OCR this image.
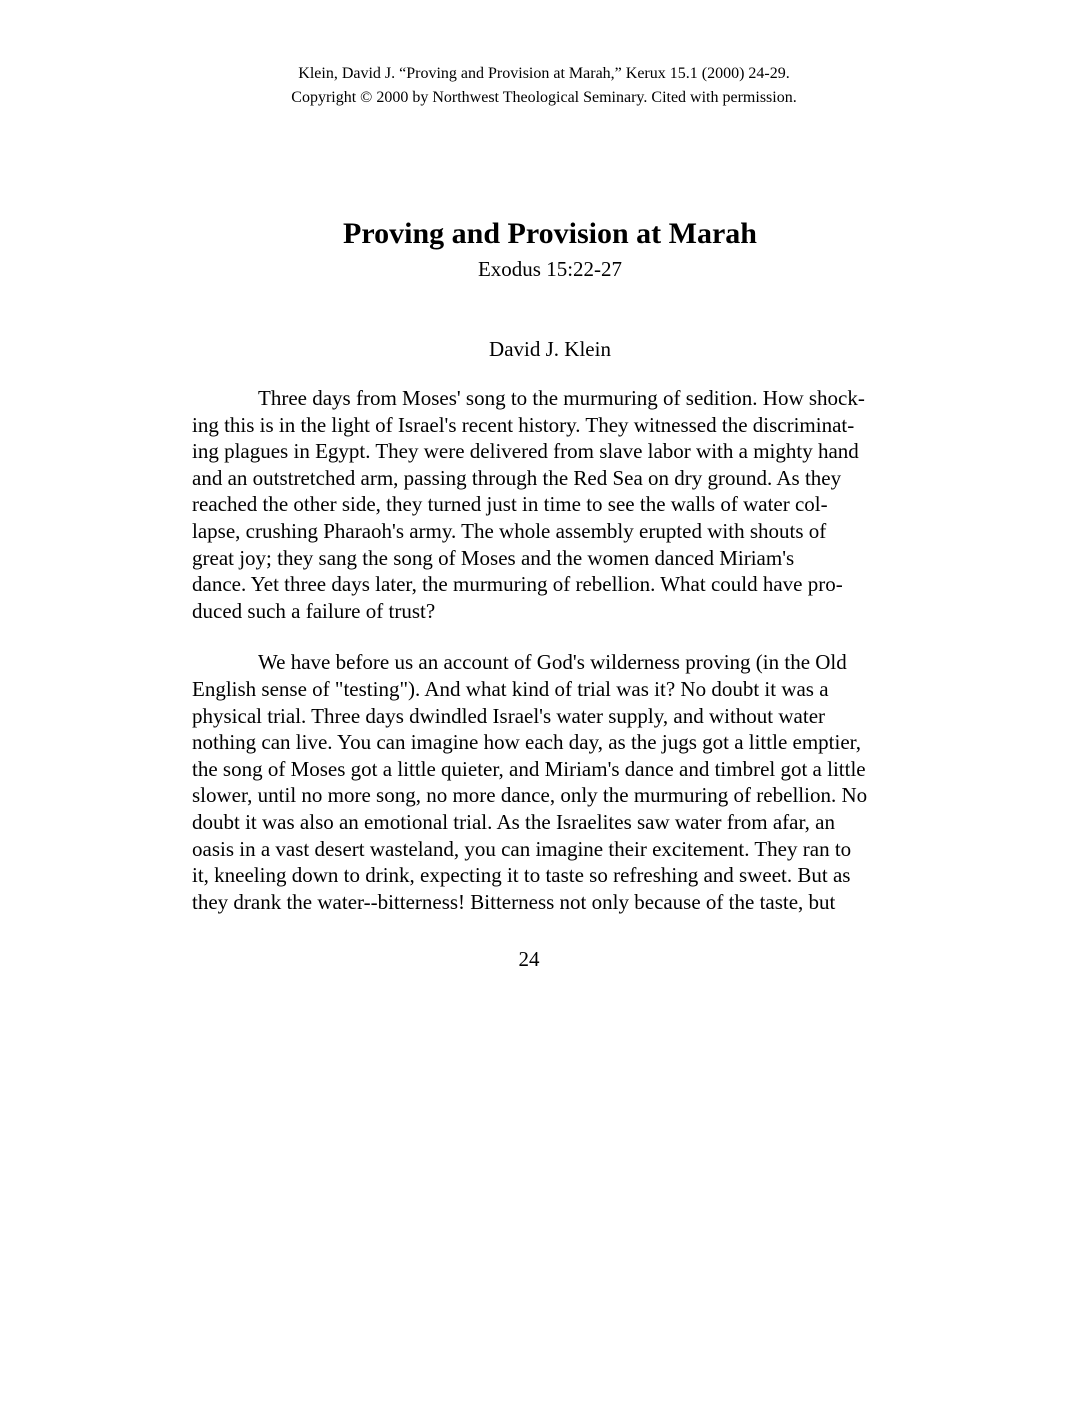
Klein, David J. “Proving and Provision at Marah,” Kerux 15.1 (2000) 24-29.
Copyright © 2000 by Northwest Theological Seminary. Cited with permission.
Proving and Provision at Marah
Exodus 15:22-27
David J. Klein
Three days from Moses' song to the murmuring of sedition. How shock-
ing this is in the light of Israel's recent history. They witnessed the discriminat-
ing plagues in Egypt. They were delivered from slave labor with a mighty hand
and an outstretched arm, passing through the Red Sea on dry ground. As they
reached the other side, they turned just in time to see the walls of water col-
lapse, crushing Pharaoh's army. The whole assembly erupted with shouts of
great joy; they sang the song of Moses and the women danced Miriam's
dance. Yet three days later, the murmuring of rebellion. What could have pro-
duced such a failure of trust?
We have before us an account of God's wilderness proving (in the Old
English sense of "testing"). And what kind of trial was it? No doubt it was a
physical trial. Three days dwindled Israel's water supply, and without water
nothing can live. You can imagine how each day, as the jugs got a little emptier,
the song of Moses got a little quieter, and Miriam's dance and timbrel got a little
slower, until no more song, no more dance, only the murmuring of rebellion. No
doubt it was also an emotional trial. As the Israelites saw water from afar, an
oasis in a vast desert wasteland, you can imagine their excitement. They ran to
it, kneeling down to drink, expecting it to taste so refreshing and sweet. But as
they drank the water--bitterness! Bitterness not only because of the taste, but
24
